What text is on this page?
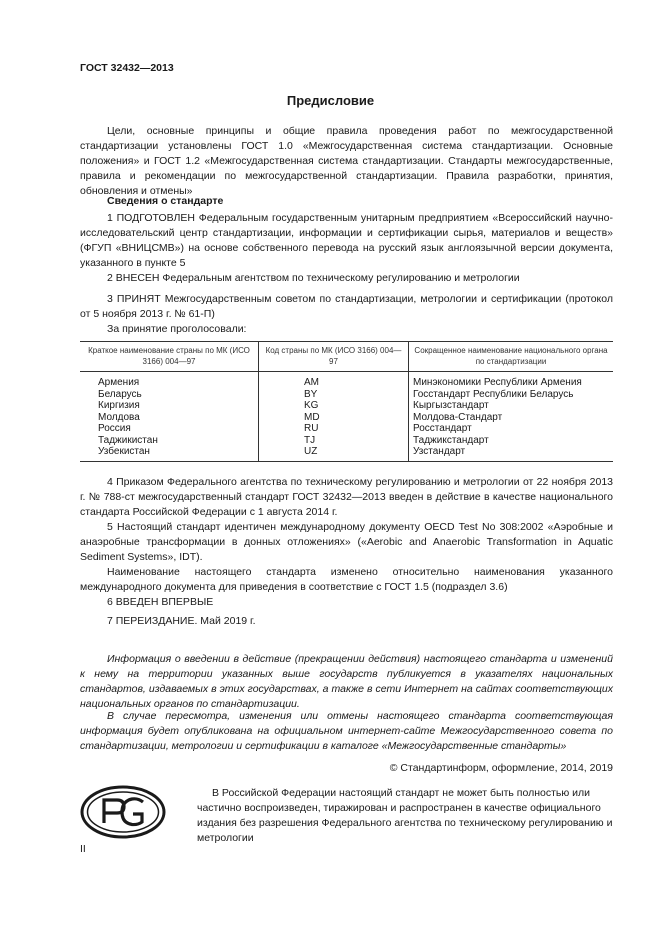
ГОСТ 32432—2013
Предисловие

Цели, основные принципы и общие правила проведения работ по межгосударственной стандартизации установлены ГОСТ 1.0 «Межгосударственная система стандартизации. Основные положения» и ГОСТ 1.2 «Межгосударственная система стандартизации. Стандарты межгосударственные, правила и рекомендации по межгосударственной стандартизации. Правила разработки, принятия, обновления и отмены»

Сведения о стандарте

1 ПОДГОТОВЛЕН Федеральным государственным унитарным предприятием «Всероссийский научно-исследовательский центр стандартизации, информации и сертификации сырья, материалов и веществ» (ФГУП «ВНИЦСМВ») на основе собственного перевода на русский язык англоязычной версии документа, указанного в пункте 5

2 ВНЕСЕН Федеральным агентством по техническому регулированию и метрологии

3 ПРИНЯТ Межгосударственным советом по стандартизации, метрологии и сертификации (протокол от 5 ноября 2013 г. № 61-П)

За принятие проголосовали:

Краткое наименование страны по МК (ИСО 3166) 004—97	Код страны по МК (ИСО 3166) 004—97	Сокращенное наименование национального органа по стандартизации
Армения	AM	Минэкономики Республики Армения
Беларусь	BY	Госстандарт Республики Беларусь
Киргизия	KG	Кыргызстандарт
Молдова	MD	Молдова-Стандарт
Россия	RU	Росстандарт
Таджикистан	TJ	Таджикстандарт
Узбекистан	UZ	Узстандарт

4 Приказом Федерального агентства по техническому регулированию и метрологии от 22 ноября 2013 г. № 788-ст межгосударственный стандарт ГОСТ 32432—2013 введен в действие в качестве национального стандарта Российской Федерации с 1 августа 2014 г.

5 Настоящий стандарт идентичен международному документу OECD Test No 308:2002 «Аэробные и анаэробные трансформации в донных отложениях» («Aerobic and Anaerobic Transformation in Aquatic Sediment Systems», IDT).

Наименование настоящего стандарта изменено относительно наименования указанного международного документа для приведения в соответствие с ГОСТ 1.5 (подраздел 3.6)

6 ВВЕДЕН ВПЕРВЫЕ

7 ПЕРЕИЗДАНИЕ. Май 2019 г.

Информация о введении в действие (прекращении действия) настоящего стандарта и изменений к нему на территории указанных выше государств публикуется в указателях национальных стандартов, издаваемых в этих государствах, а также в сети Интернет на сайтах соответствующих национальных органов по стандартизации.

В случае пересмотра, изменения или отмены настоящего стандарта соответствующая информация будет опубликована на официальном интернет-сайте Межгосударственного совета по стандартизации, метрологии и сертификации в каталоге «Межгосударственные стандарты»

© Стандартинформ, оформление, 2014, 2019

В Российской Федерации настоящий стандарт не может быть полностью или частично воспроизведен, тиражирован и распространен в качестве официального издания без разрешения Федерального агентства по техническому регулированию и метрологии

II
